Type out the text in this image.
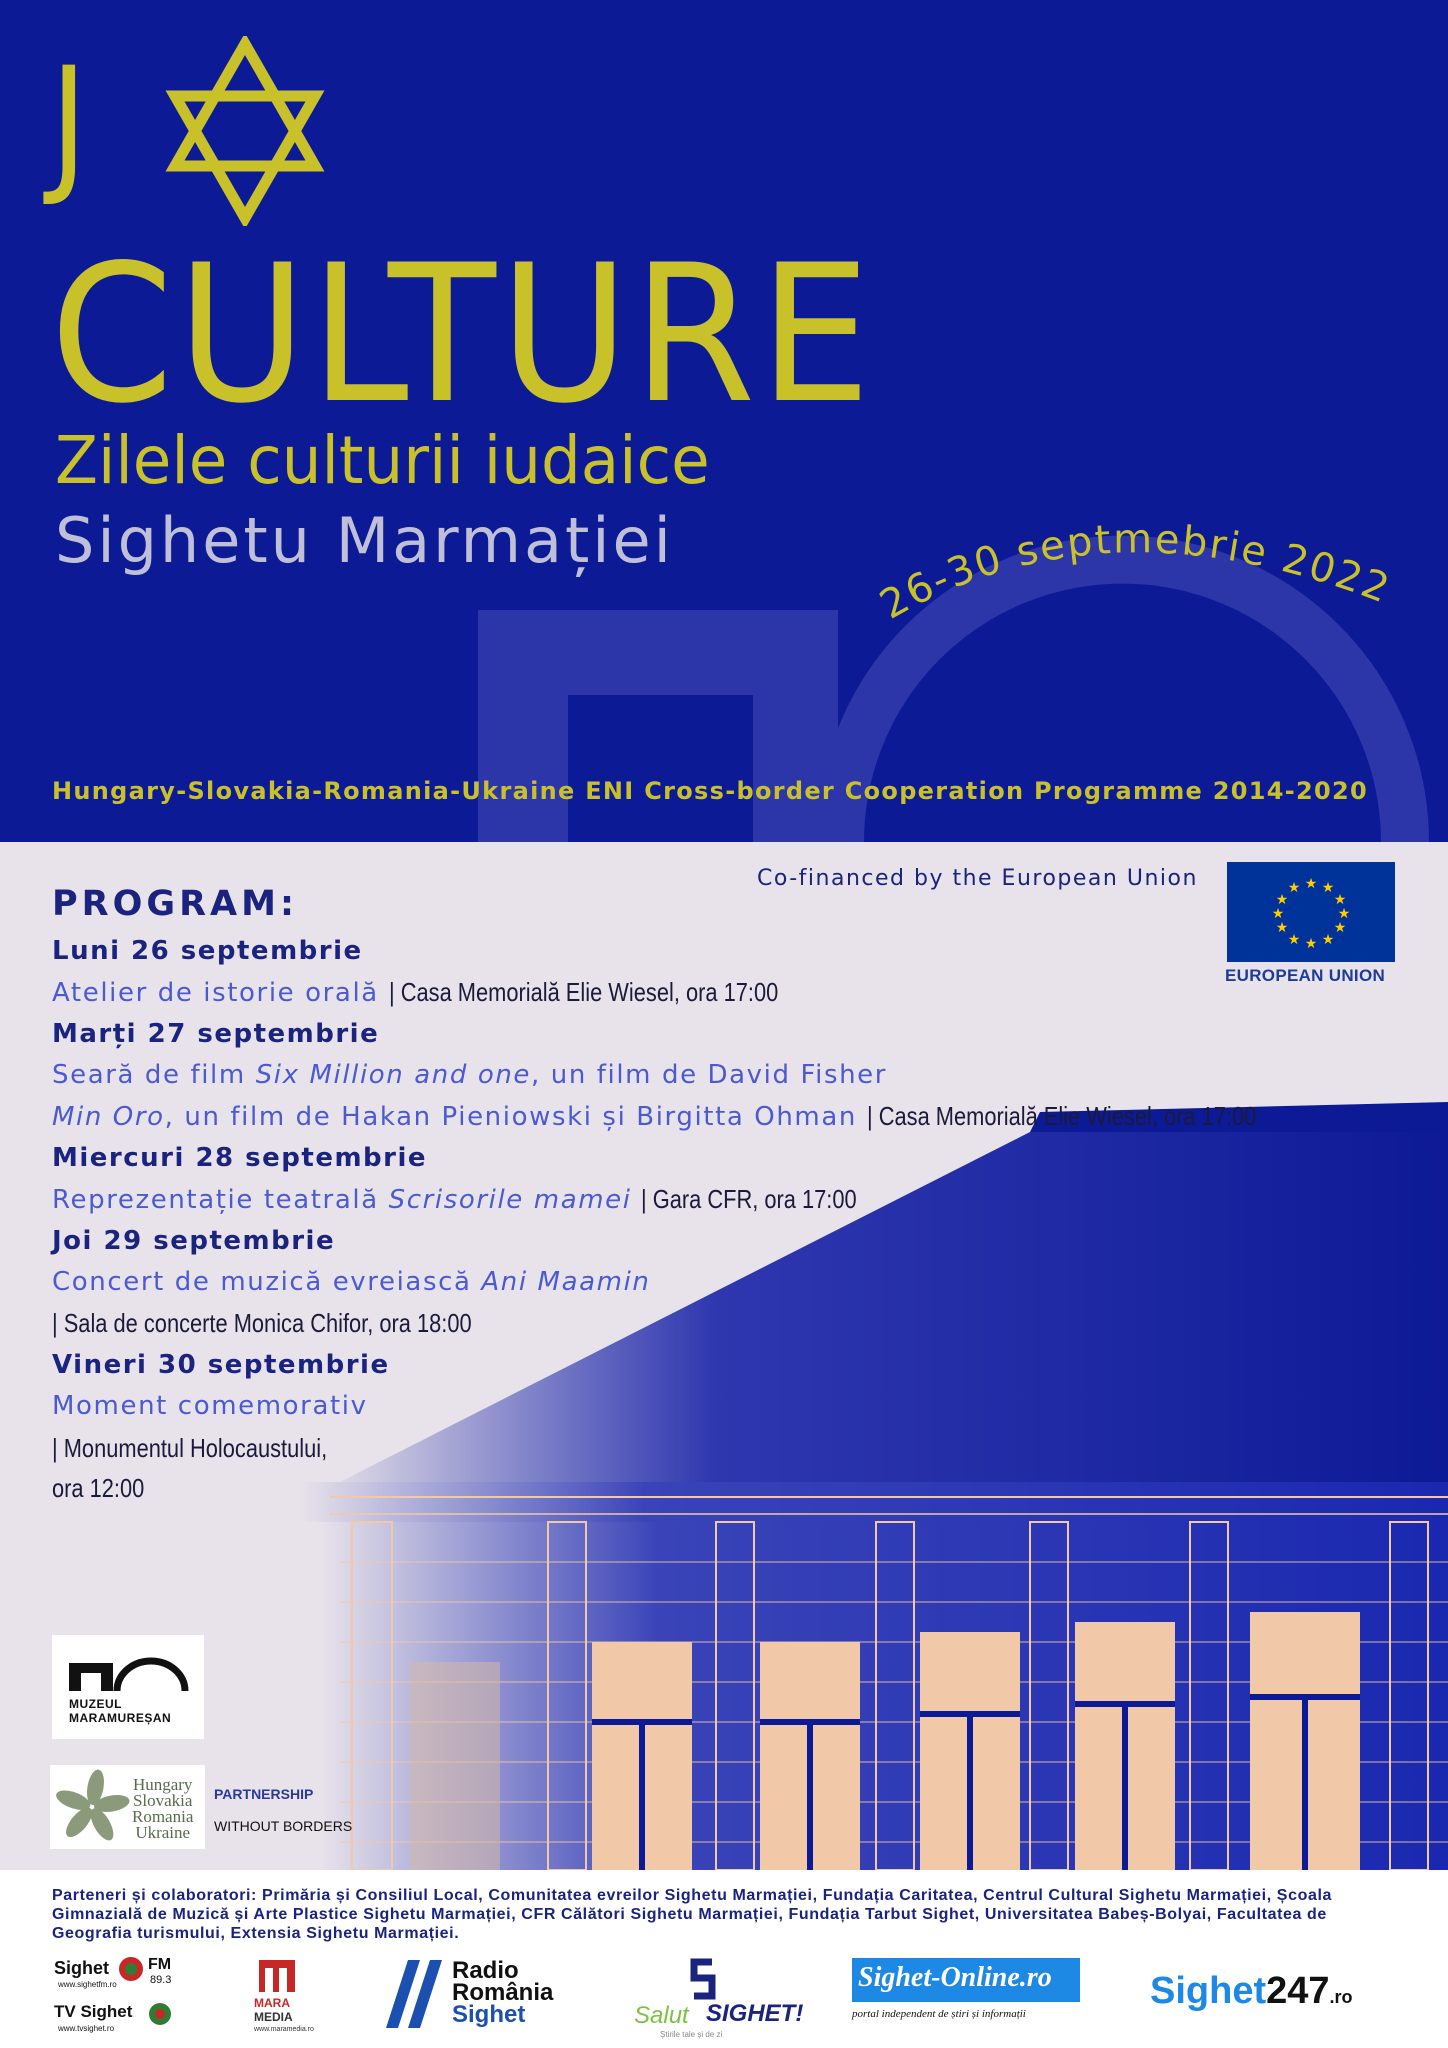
J
CULTURE
Zilele culturii iudaice
Sighetu Marmației
26-30 septmebrie 2022
Hungary-Slovakia-Romania-Ukraine ENI Cross-border Cooperation Programme 2014-2020
Co-financed by the European Union	★ ★
★
★
★
★
★
★
★
★
★
★
EUROPEAN UNION
PROGRAM:
Luni 26 septembrie
Atelier de istorie orală | Casa Memorială Elie Wiesel, ora 17:00
Marți 27 septembrie
Seară de film Six Million and one, un film de David Fisher
Min Oro, un film de Hakan Pieniowski și Birgitta Ohman | Casa Memorială Elie Wiesel, ora 17:00
Miercuri 28 septembrie
Reprezentație teatrală Scrisorile mamei | Gara CFR, ora 17:00
Joi 29 septembrie
Concert de muzică evreiască Ani Maamin
| Sala de concerte Monica Chifor, ora 18:00
Vineri 30 septembrie
Moment comemorativ
| Monumentul Holocaustului,
ora 12:00
MUZEUL
MARAMUREȘAN
Hungary
Slovakia
Romania
Ukraine
PARTNERSHIP
WITHOUT BORDERS
Parteneri și colaboratori: Primăria și Consiliul Local, Comunitatea evreilor Sighetu Marmației, Fundația Caritatea, Centrul Cultural Sighetu Marmației, Școala Gimnazială de Muzică și Arte Plastice Sighetu Marmației, CFR Călători Sighetu Marmației, Fundația Tarbut Sighet, Universitatea Babeș-Bolyai, Facultatea de Geografia turismului, Extensia Sighetu Marmației.
Sighet FM
89.3
www.sighetfm.ro
TV Sighet
www.tvsighet.ro
MARA
MEDIA
www.maramedia.ro
Radio
România
Sighet	Salut SIGHET!
Știrile tale și de zi
Sighet-Online.ro
portal independent de știri și informații
Sighet247.ro
